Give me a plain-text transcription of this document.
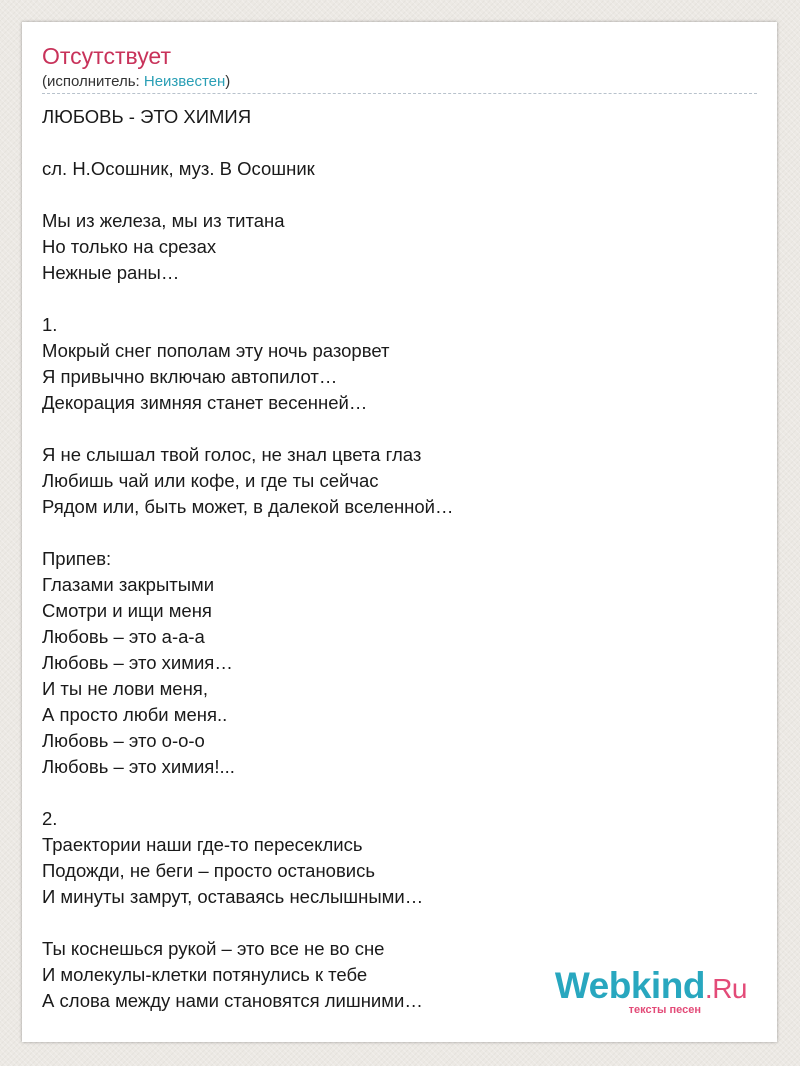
Отсутствует
(исполнитель: Неизвестен)
ЛЮБОВЬ - ЭТО ХИМИЯ
сл. Н.Осошник, муз. В Осошник
Мы из железа, мы из титана
Но только на срезах
Нежные раны…
1.
Мокрый снег пополам эту ночь разорвет
Я привычно включаю автопилот…
Декорация зимняя станет весенней…
Я не слышал твой голос, не знал цвета глаз
Любишь чай или кофе, и где ты сейчас
Рядом или, быть может, в далекой вселенной…
Припев:
Глазами закрытыми
Смотри и ищи меня
Любовь – это а-а-а
Любовь – это химия…
И ты не лови меня,
А просто люби меня..
Любовь – это о-о-о
Любовь – это химия!...
2.
Траектории наши где-то пересеклись
Подожди, не беги – просто остановись
И минуты замрут, оставаясь неслышными…
Ты коснешься рукой – это все не во сне
И молекулы-клетки потянулись к тебе
А слова между нами становятся лишними…	Webkind.Ru
тексты песен
